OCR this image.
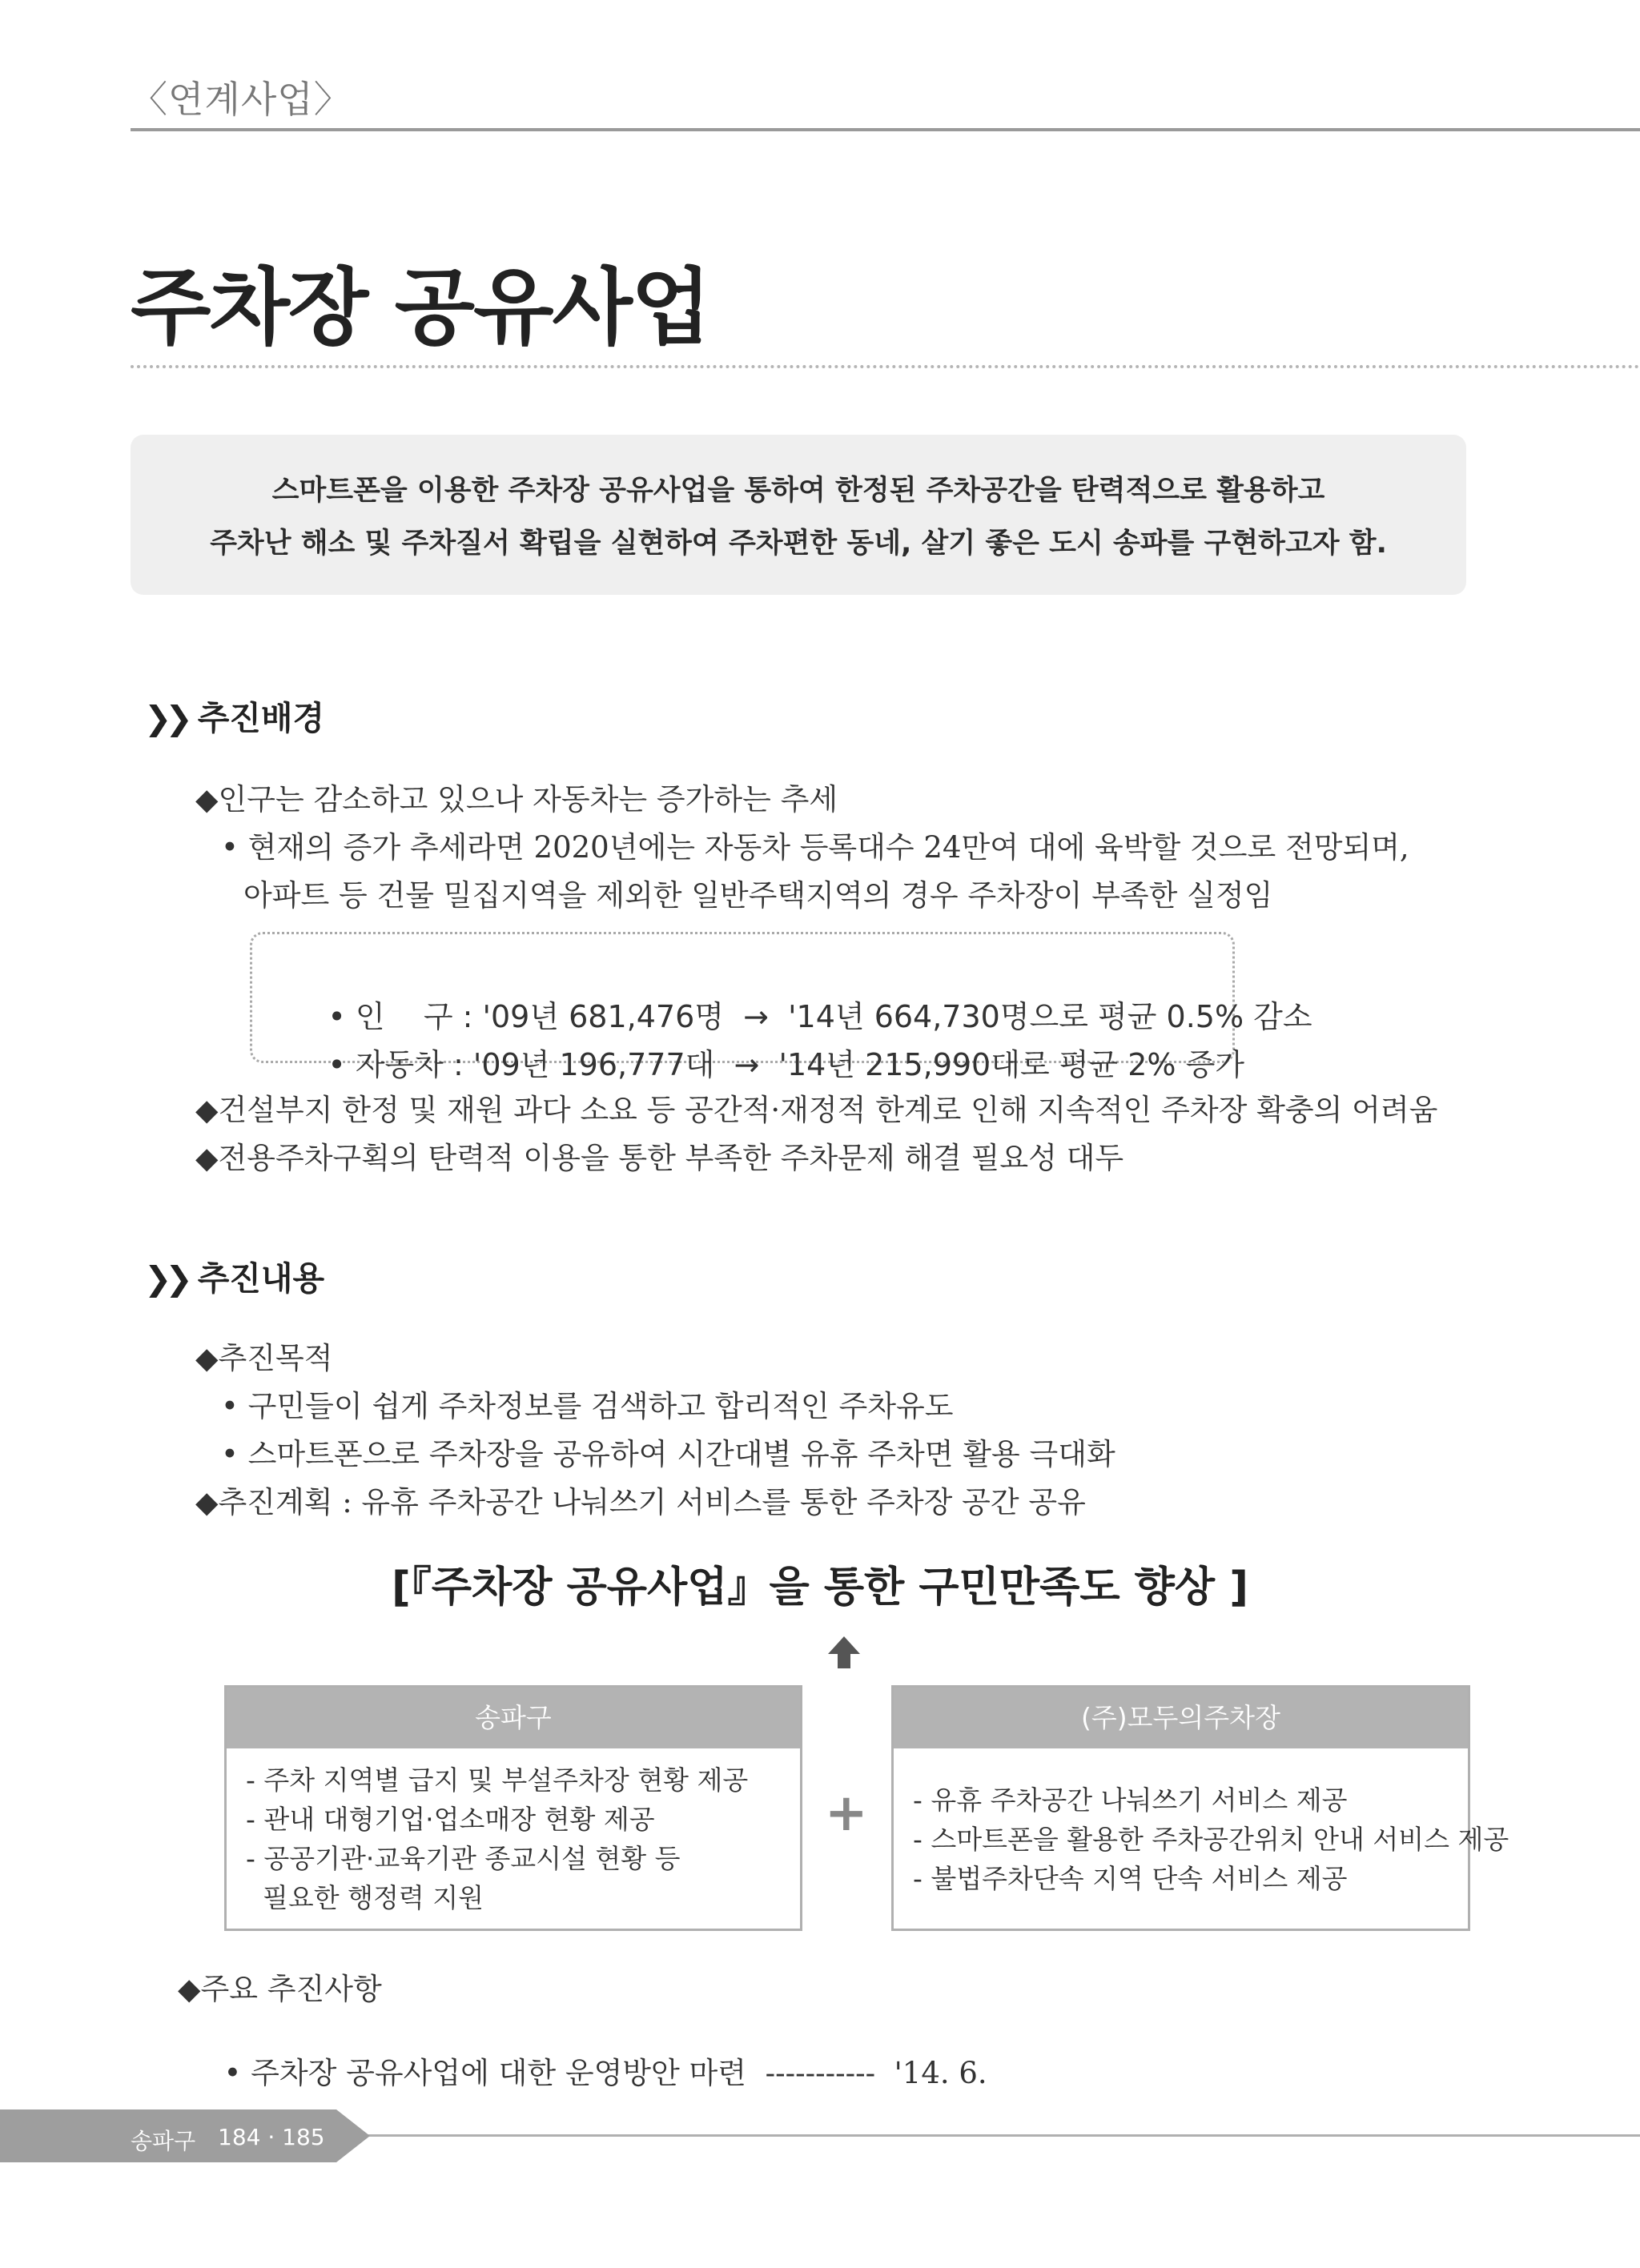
〈연계사업〉
주차장 공유사업
스마트폰을 이용한 주차장 공유사업을 통하여 한정된 주차공간을 탄력적으로 활용하고
주차난 해소 및 주차질서 확립을 실현하여 주차편한 동네, 살기 좋은 도시 송파를 구현하고자 함.
❯❯ 추진배경
◆인구는 감소하고 있으나 자동차는 증가하는 추세
• 현재의 증가 추세라면 2020년에는 자동차 등록대수 24만여 대에 육박할 것으로 전망되며,
아파트 등 건물 밀집지역을 제외한 일반주택지역의 경우 주차장이 부족한 실정임

• 인    구 : '09년 681,476명  →  '14년 664,730명으로 평균 0.5% 감소

• 자동차 : '09년 196,777대  →  '14년 215,990대로 평균 2% 증가

◆건설부지 한정 및 재원 과다 소요 등 공간적·재정적 한계로 인해 지속적인 주차장 확충의 어려움
◆전용주차구획의 탄력적 이용을 통한 부족한 주차문제 해결 필요성 대두
❯❯ 추진내용
◆추진목적
• 구민들이 쉽게 주차정보를 검색하고 합리적인 주차유도
• 스마트폰으로 주차장을 공유하여 시간대별 유휴 주차면 활용 극대화
◆추진계획 : 유휴 주차공간 나눠쓰기 서비스를 통한 주차장 공간 공유
[『주차장 공유사업』을 통한 구민만족도 향상 ]
송파구
- 주차 지역별 급지 및 부설주차장 현황 제공
- 관내 대형기업·업소매장 현황 제공
- 공공기관·교육기관 종교시설 현황 등
필요한 행정력 지원
+
(주)모두의주차장
- 유휴 주차공간 나눠쓰기 서비스 제공
- 스마트폰을 활용한 주차공간위치 안내 서비스 제공
- 불법주차단속 지역 단속 서비스 제공
◆주요 추진사항

• 주차장 공유사업에 대한 운영방안 마련  -----------  '14. 6.

송파구 184 · 185
